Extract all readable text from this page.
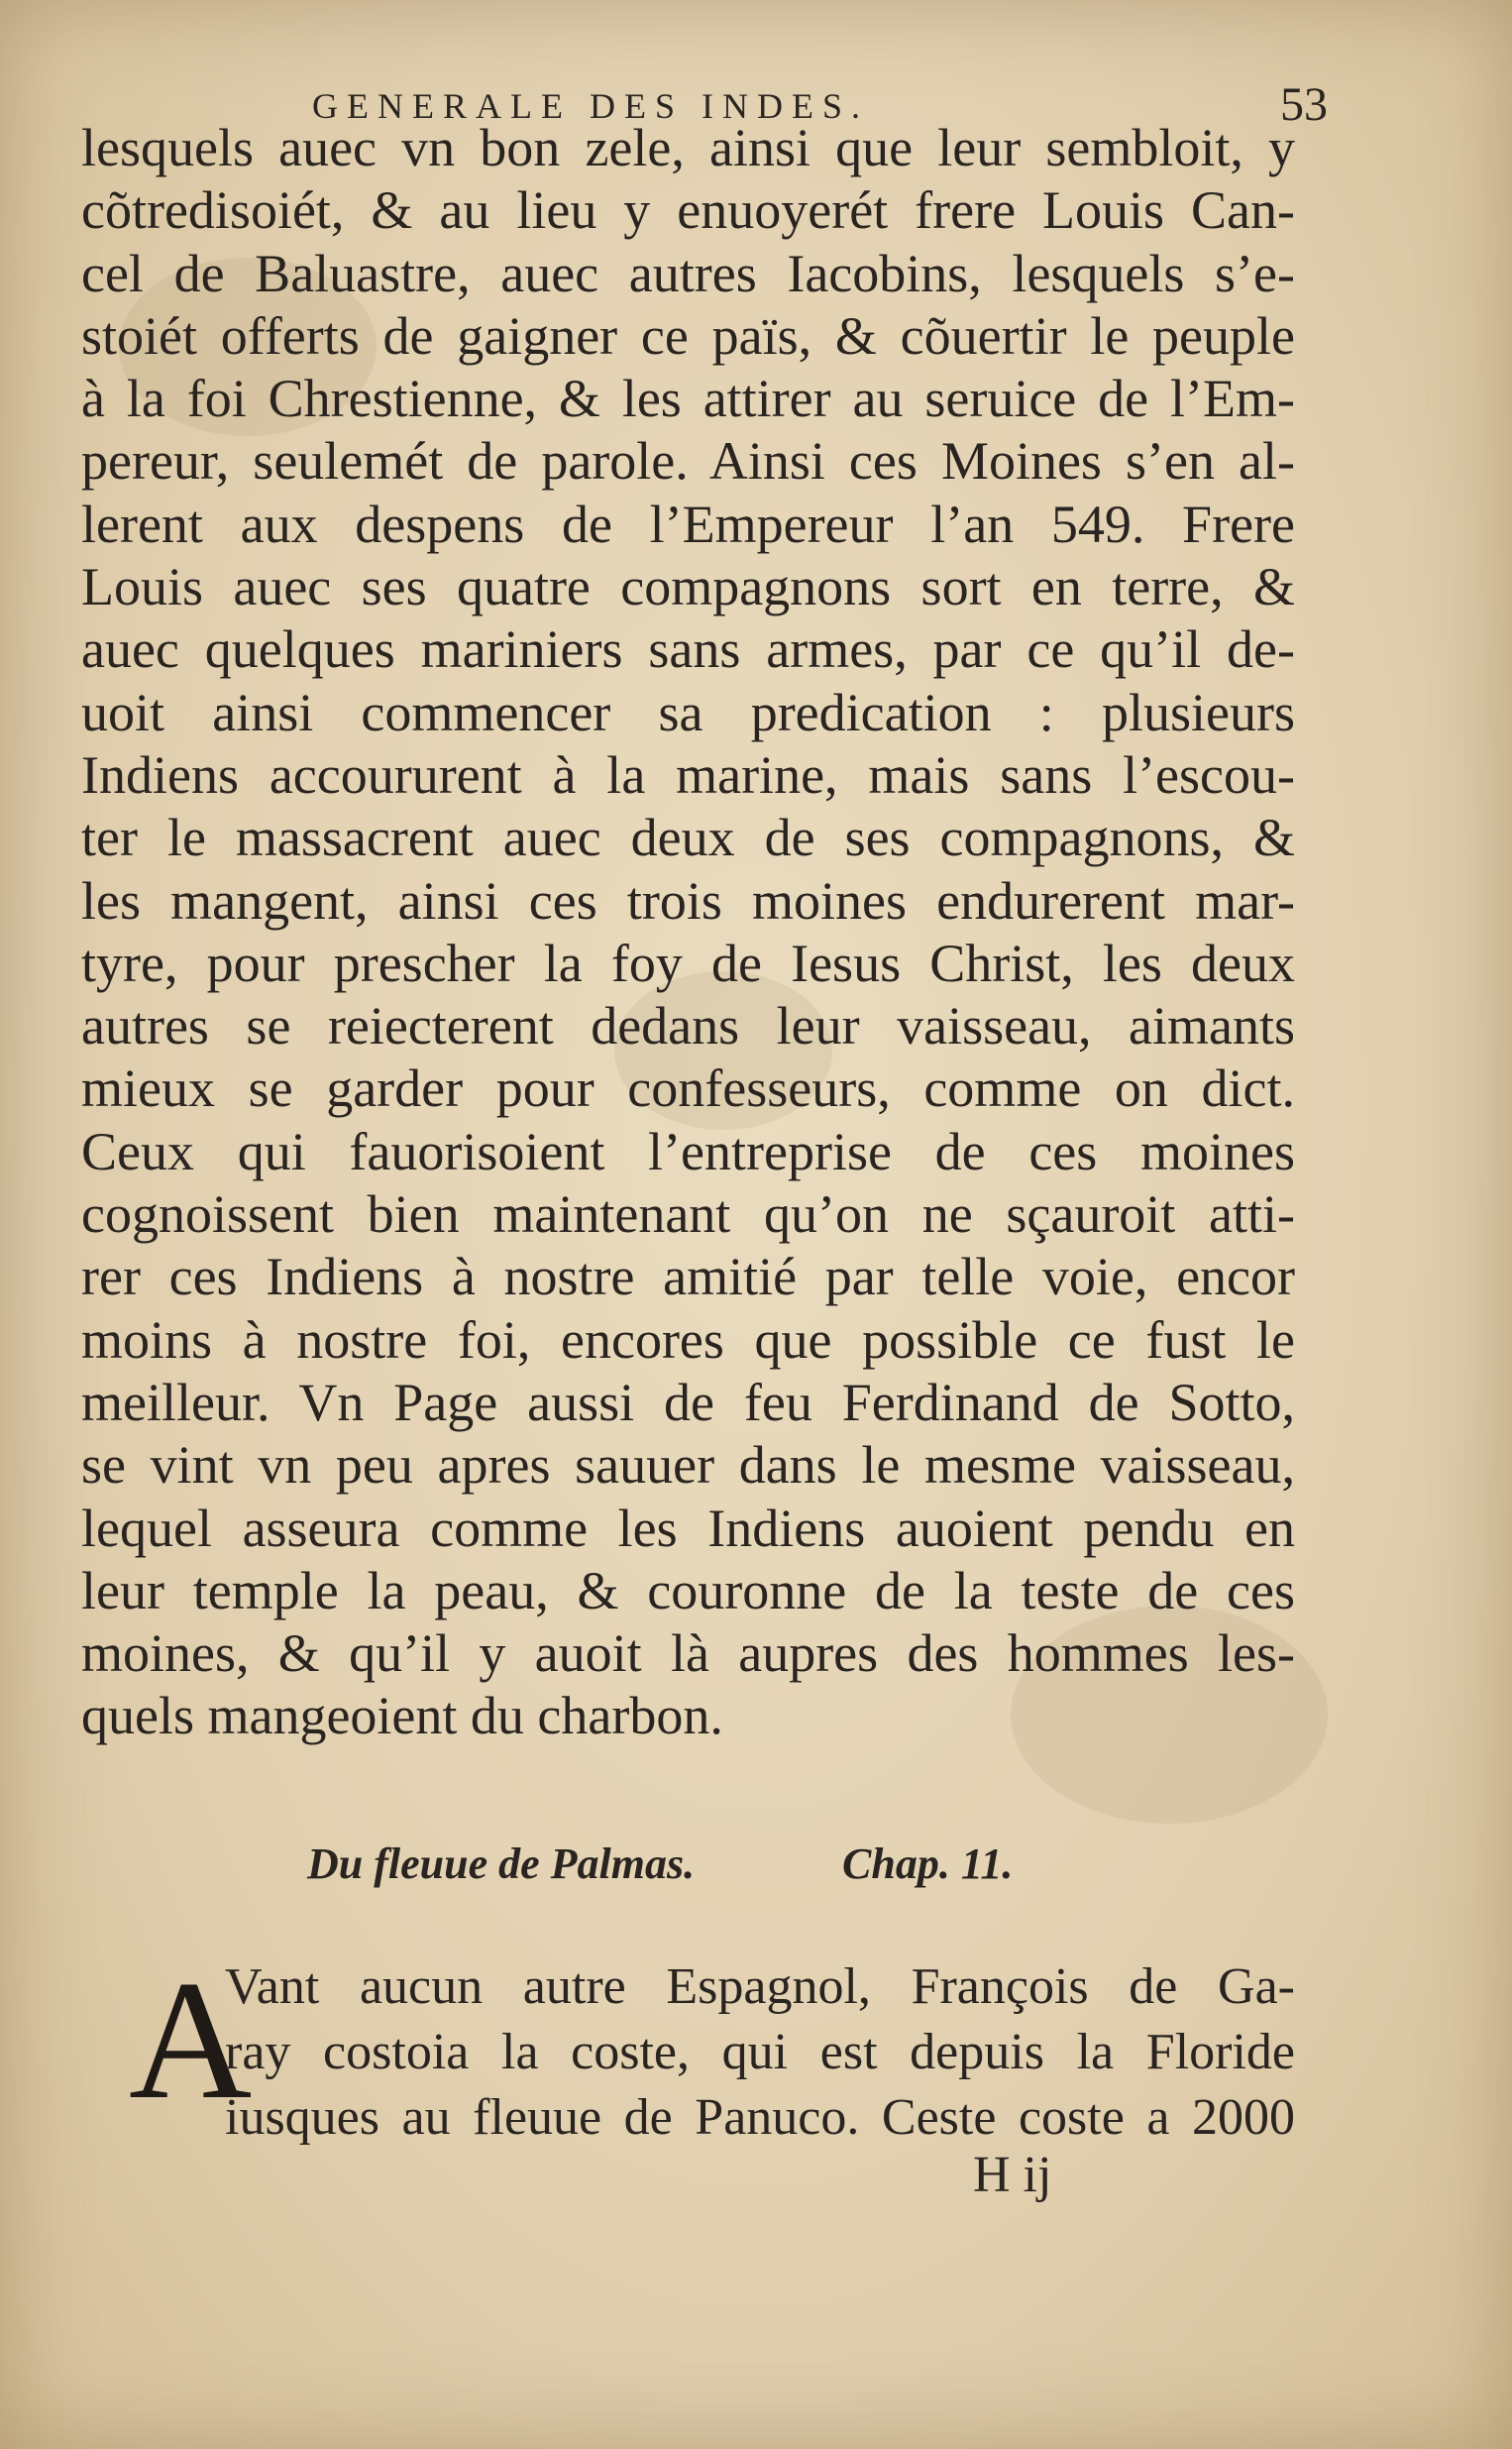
GENERALE DES INDES.	53
lesquels auec vn bon zele, ainsi que leur sembloit, y
cõtredisoiét, & au lieu y enuoyerét frere Louis Can-
cel de Baluastre, auec autres Iacobins, lesquels s’e-
stoiét offerts de gaigner ce païs, & cõuertir le peuple
à la foi Chrestienne, & les attirer au seruice de l’Em-
pereur, seulemét de parole. Ainsi ces Moines s’en al-
lerent aux despens de l’Empereur l’an 549. Frere
Louis auec ses quatre compagnons sort en terre, &
auec quelques mariniers sans armes, par ce qu’il de-
uoit ainsi commencer sa predication : plusieurs
Indiens accoururent à la marine, mais sans l’escou-
ter le massacrent auec deux de ses compagnons, &
les mangent, ainsi ces trois moines endurerent mar-
tyre, pour prescher la foy de Iesus Christ, les deux
autres se reiecterent dedans leur vaisseau, aimants
mieux se garder pour confesseurs, comme on dict.
Ceux qui fauorisoient l’entreprise de ces moines
cognoissent bien maintenant qu’on ne sçauroit atti-
rer ces Indiens à nostre amitié par telle voie, encor
moins à nostre foi, encores que possible ce fust le
meilleur. Vn Page aussi de feu Ferdinand de Sotto,
se vint vn peu apres sauuer dans le mesme vaisseau,
lequel asseura comme les Indiens auoient pendu en
leur temple la peau, & couronne de la teste de ces
moines, & qu’il y auoit là aupres des hommes les-
quels mangeoient du charbon.
Du fleuue de Palmas.	Chap. 11.
A
Vant aucun autre Espagnol, François de Ga-
ray costoia la coste, qui est depuis la Floride
iusques au fleuue de Panuco. Ceste coste a 2000
H ij
